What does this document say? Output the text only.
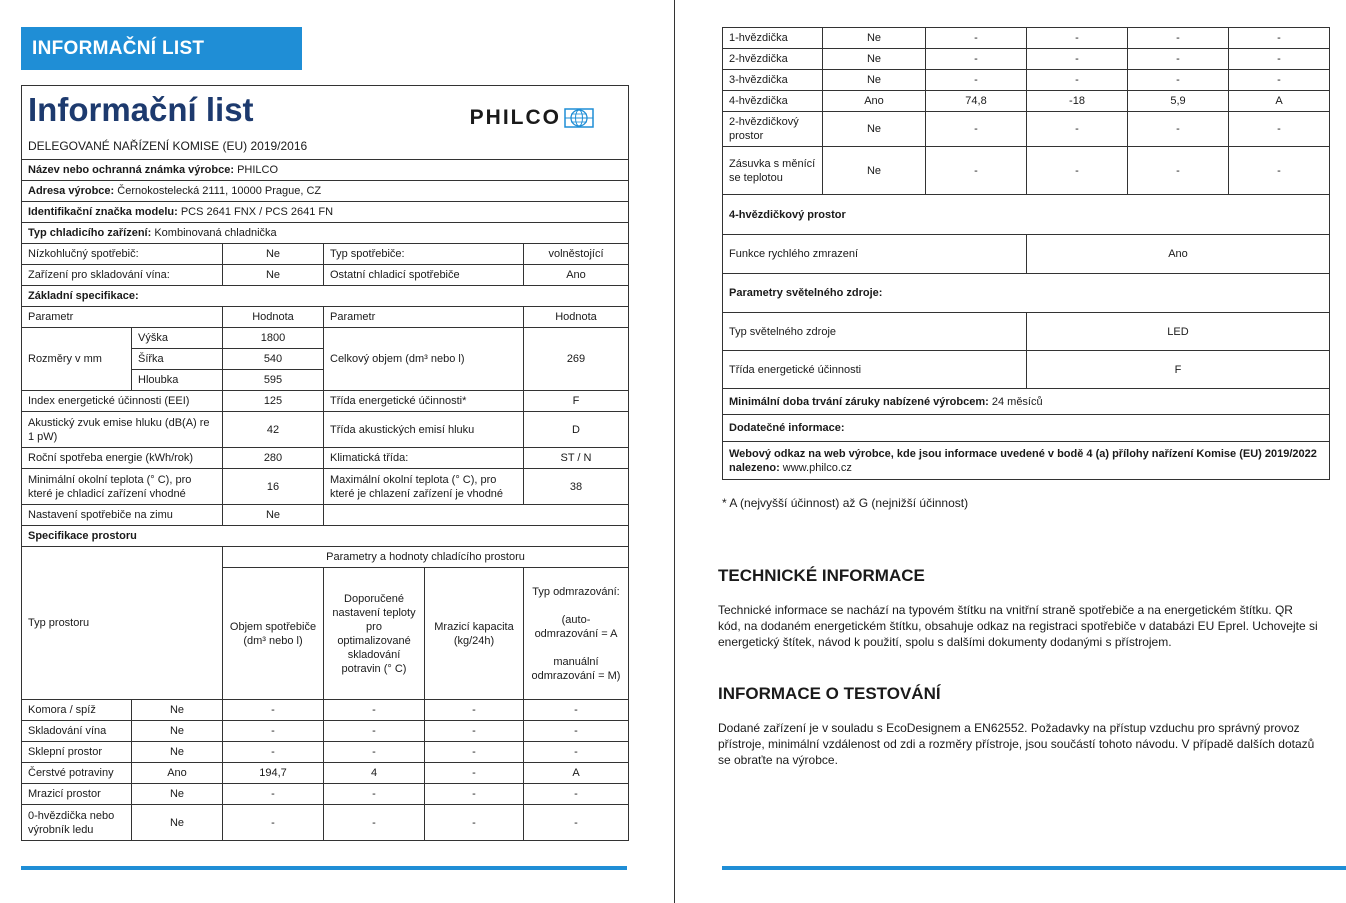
INFORMAČNÍ LIST
Informační list
DELEGOVANÉ NAŘÍZENÍ KOMISE (EU) 2019/2016
PHILCO					

Název nebo ochranná známka výrobce: PHILCO					
Adresa výrobce: Černokostelecká 2111, 10000 Prague, CZ					
Identifikační značka modelu: PCS 2641 FNX / PCS 2641 FN					
Typ chladicího zařízení: Kombinovaná chladnička					
Nízkohlučný spotřebič:		Ne	Typ spotřebiče:		volněstojící
Zařízení pro skladování vína:		Ne	Ostatní chladicí spotřebiče		Ano
Základní specifikace:					
Parametr		Hodnota	Parametr		Hodnota
Rozměry v mm	Výška	1800	Celkový objem (dm³ nebo l)		269
	Šířka	540			
	Hloubka	595			
Index energetické účinnosti (EEI)		125	Třída energetické účinnosti*		F
Akustický zvuk emise hluku (dB(A) re 1 pW)		42	Třída akustických emisí hluku		D
Roční spotřeba energie (kWh/rok)		280	Klimatická třída:		ST / N
Minimální okolní teplota (° C), pro které je chladicí zařízení vhodné		16	Maximální okolní teplota (° C), pro které je chlazení zařízení je vhodné		38
Nastavení spotřebiče na zimu		Ne			
Specifikace prostoru					
Typ prostoru		Parametry a hodnoty chladícího prostoru			
		Objem spotřebiče (dm³ nebo l)	Doporučené nastavení teploty pro optimalizované skladování potravin (° C)	Mrazicí kapacita (kg/24h)	Typ odmrazování:
(auto-odmrazování = A
manuální odmrazování = M)

Komora / spíž	Ne	-	-	-	-
Skladování vína	Ne	-	-	-	-
Sklepní prostor	Ne	-	-	-	-
Čerstvé potraviny	Ano	194,7	4	-	A
Mrazicí prostor	Ne	-	-	-	-
0-hvězdička nebo výrobník ledu	Ne	-	-	-	-
1-hvězdička	Ne	-	-	-	-
2-hvězdička	Ne	-	-	-	-
3-hvězdička	Ne	-	-	-	-
4-hvězdička	Ano	74,8	-18	5,9	A
2-hvězdičkový prostor	Ne	-	-	-	-
Zásuvka s měnící se teplotou	Ne	-	-	-	-
4-hvězdičkový prostor					
Funkce rychlého zmrazení			Ano		
Parametry světelného zdroje:					
Typ světelného zdroje			LED		
Třída energetické účinnosti			F		
Minimální doba trvání záruky nabízené výrobcem: 24 měsíců					
Dodatečné informace:					
Webový odkaz na web výrobce, kde jsou informace uvedené v bodě 4 (a) přílohy nařízení Komise (EU) 2019/2022 nalezeno: www.philco.cz					
* A (nejvyšší účinnost) až G (nejnižší účinnost)
TECHNICKÉ INFORMACE
Technické informace se nachází na typovém štítku na vnitřní straně spotřebiče a na energetickém štítku. QR kód, na dodaném energetickém štítku, obsahuje odkaz na registraci spotřebiče v databázi EU Eprel. Uchovejte si energetický štítek, návod k použití, spolu s dalšími dokumenty dodanými s přístrojem.
INFORMACE O TESTOVÁNÍ
Dodané zařízení je v souladu s EcoDesignem a EN62552. Požadavky na přístup vzduchu pro správný provoz přístroje, minimální vzdálenost od zdi a rozměry přístroje, jsou součástí tohoto návodu. V případě dalších dotazů se obraťte na výrobce.
